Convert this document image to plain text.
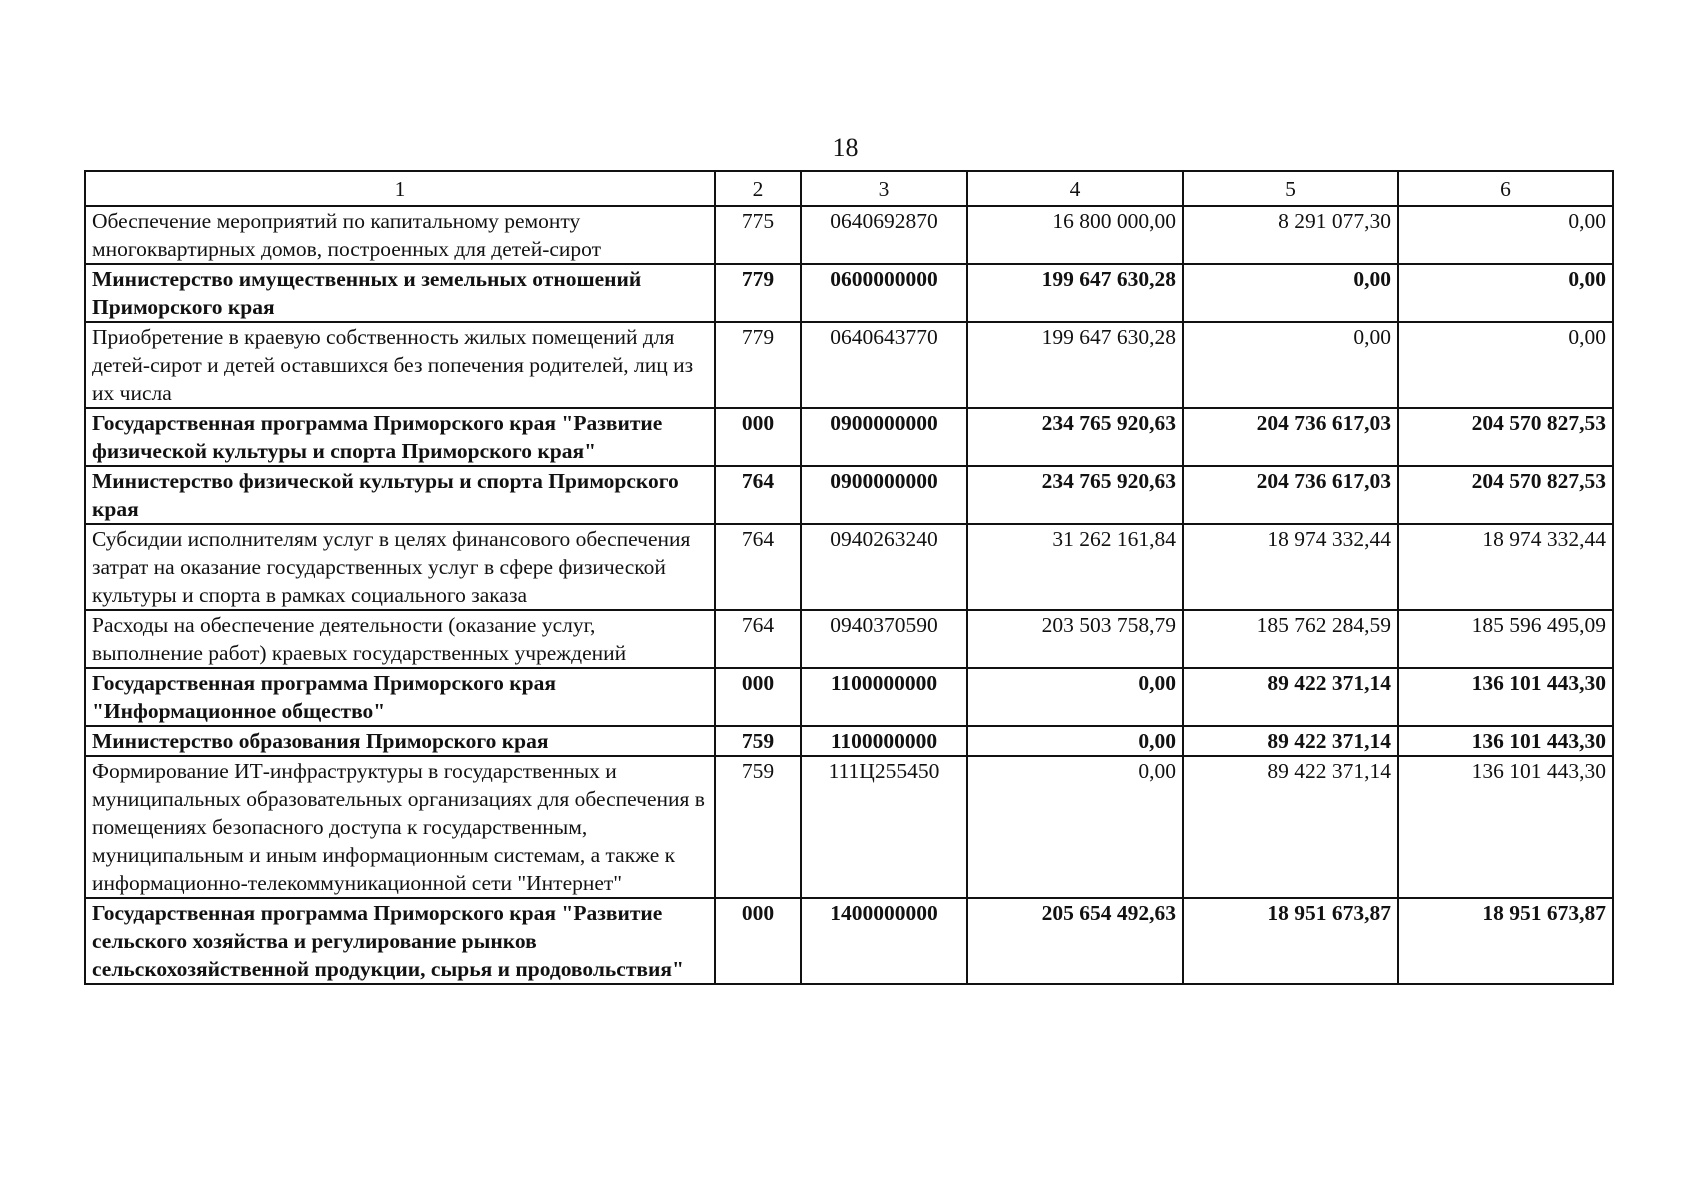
18
1	2	3	4	5	6
Обеспечение мероприятий по капитальному ремонту многоквартирных домов, построенных для детей-сирот	775	0640692870	16 800 000,00	8 291 077,30	0,00
Министерство имущественных и земельных отношений Приморского края	779	0600000000	199 647 630,28	0,00	0,00
Приобретение в краевую собственность жилых помещений для детей-сирот и детей оставшихся без попечения родителей, лиц из их числа	779	0640643770	199 647 630,28	0,00	0,00
Государственная программа Приморского края "Развитие физической культуры и спорта Приморского края"	000	0900000000	234 765 920,63	204 736 617,03	204 570 827,53
Министерство физической культуры и спорта Приморского края	764	0900000000	234 765 920,63	204 736 617,03	204 570 827,53
Субсидии исполнителям услуг в целях финансового обеспечения затрат на оказание государственных услуг в сфере физической культуры и спорта в рамках социального заказа	764	0940263240	31 262 161,84	18 974 332,44	18 974 332,44
Расходы на обеспечение деятельности (оказание услуг, выполнение работ) краевых государственных учреждений	764	0940370590	203 503 758,79	185 762 284,59	185 596 495,09
Государственная программа Приморского края "Информационное общество"	000	1100000000	0,00	89 422 371,14	136 101 443,30
Министерство образования Приморского края	759	1100000000	0,00	89 422 371,14	136 101 443,30
Формирование ИТ-инфраструктуры в государственных и муниципальных образовательных организациях для обеспечения в помещениях безопасного доступа к государственным, муниципальным и иным информационным системам, а также к информационно-телекоммуникационной сети "Интернет"	759	111Ц255450	0,00	89 422 371,14	136 101 443,30
Государственная программа Приморского края "Развитие сельского хозяйства и регулирование рынков сельскохозяйственной продукции, сырья и продовольствия"	000	1400000000	205 654 492,63	18 951 673,87	18 951 673,87
